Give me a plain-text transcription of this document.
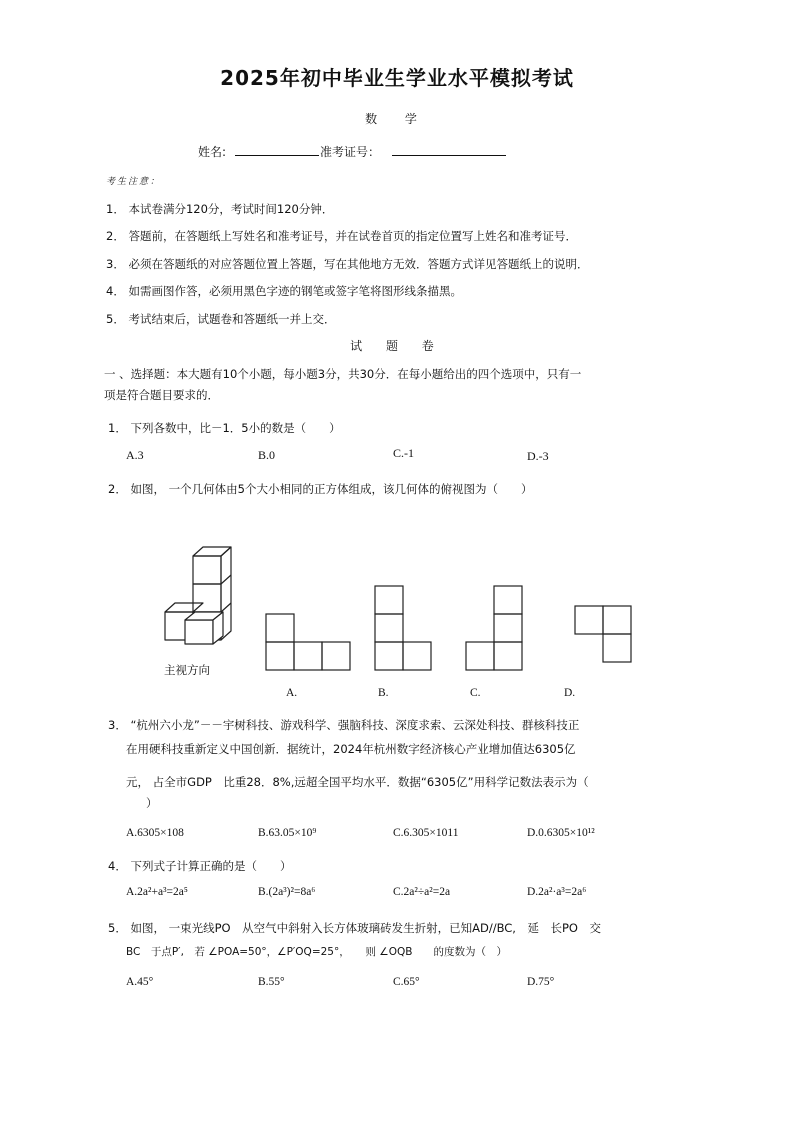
2025年初中毕业生学业水平模拟考试
数 学
姓名:	准考证号：
考生注意：
1． 本试卷满分120分，考试时间120分钟．
2． 答题前，在答题纸上写姓名和准考证号，并在试卷首页的指定位置写上姓名和准考证号．
3． 必须在答题纸的对应答题位置上答题，写在其他地方无效．答题方式详见答题纸上的说明．
4． 如需画图作答，必须用黑色字迹的钢笔或签字笔将图形线条描黑。
5． 考试结束后，试题卷和答题纸一并上交．
试 题 卷
一 、选择题：本大题有10个小题，每小题3分，共30分．在每小题给出的四个选项中，只有一
项是符合题目要求的．
1． 下列各数中，比－1．5小的数是（　　）
A.3	B.0	C.-1	D.-3
2． 如图， 一个几何体由5个大小相同的正方体组成，该几何体的俯视图为（　　）
主视方向
A.	B.	C.	D.
3． “杭州六小龙”－－宇树科技、游戏科学、强脑科技、深度求索、云深处科技、群核科技正
在用硬科技重新定义中国创新．据统计，2024年杭州数字经济核心产业增加值达6305亿
元， 占全市GDP　比重28．8%,远超全国平均水平．数据“6305亿”用科学记数法表示为（
）
A.6305×108	B.63.05×10⁹	C.6.305×1011	D.0.6305×10¹²
4． 下列式子计算正确的是（　　）
A.2a²+a³=2a⁵	B.(2a³)²=8a⁶	C.2a²÷a²=2a	D.2a²·a³=2a⁶
5． 如图， 一束光线PO　从空气中斜射入长方体玻璃砖发生折射，已知AD//BC,　延　长PO　交
BC　于点P′,　若 ∠POA=50°，∠P′OQ=25°，　　则 ∠OQB　　的度数为（　）
A.45°	B.55°	C.65°	D.75°
